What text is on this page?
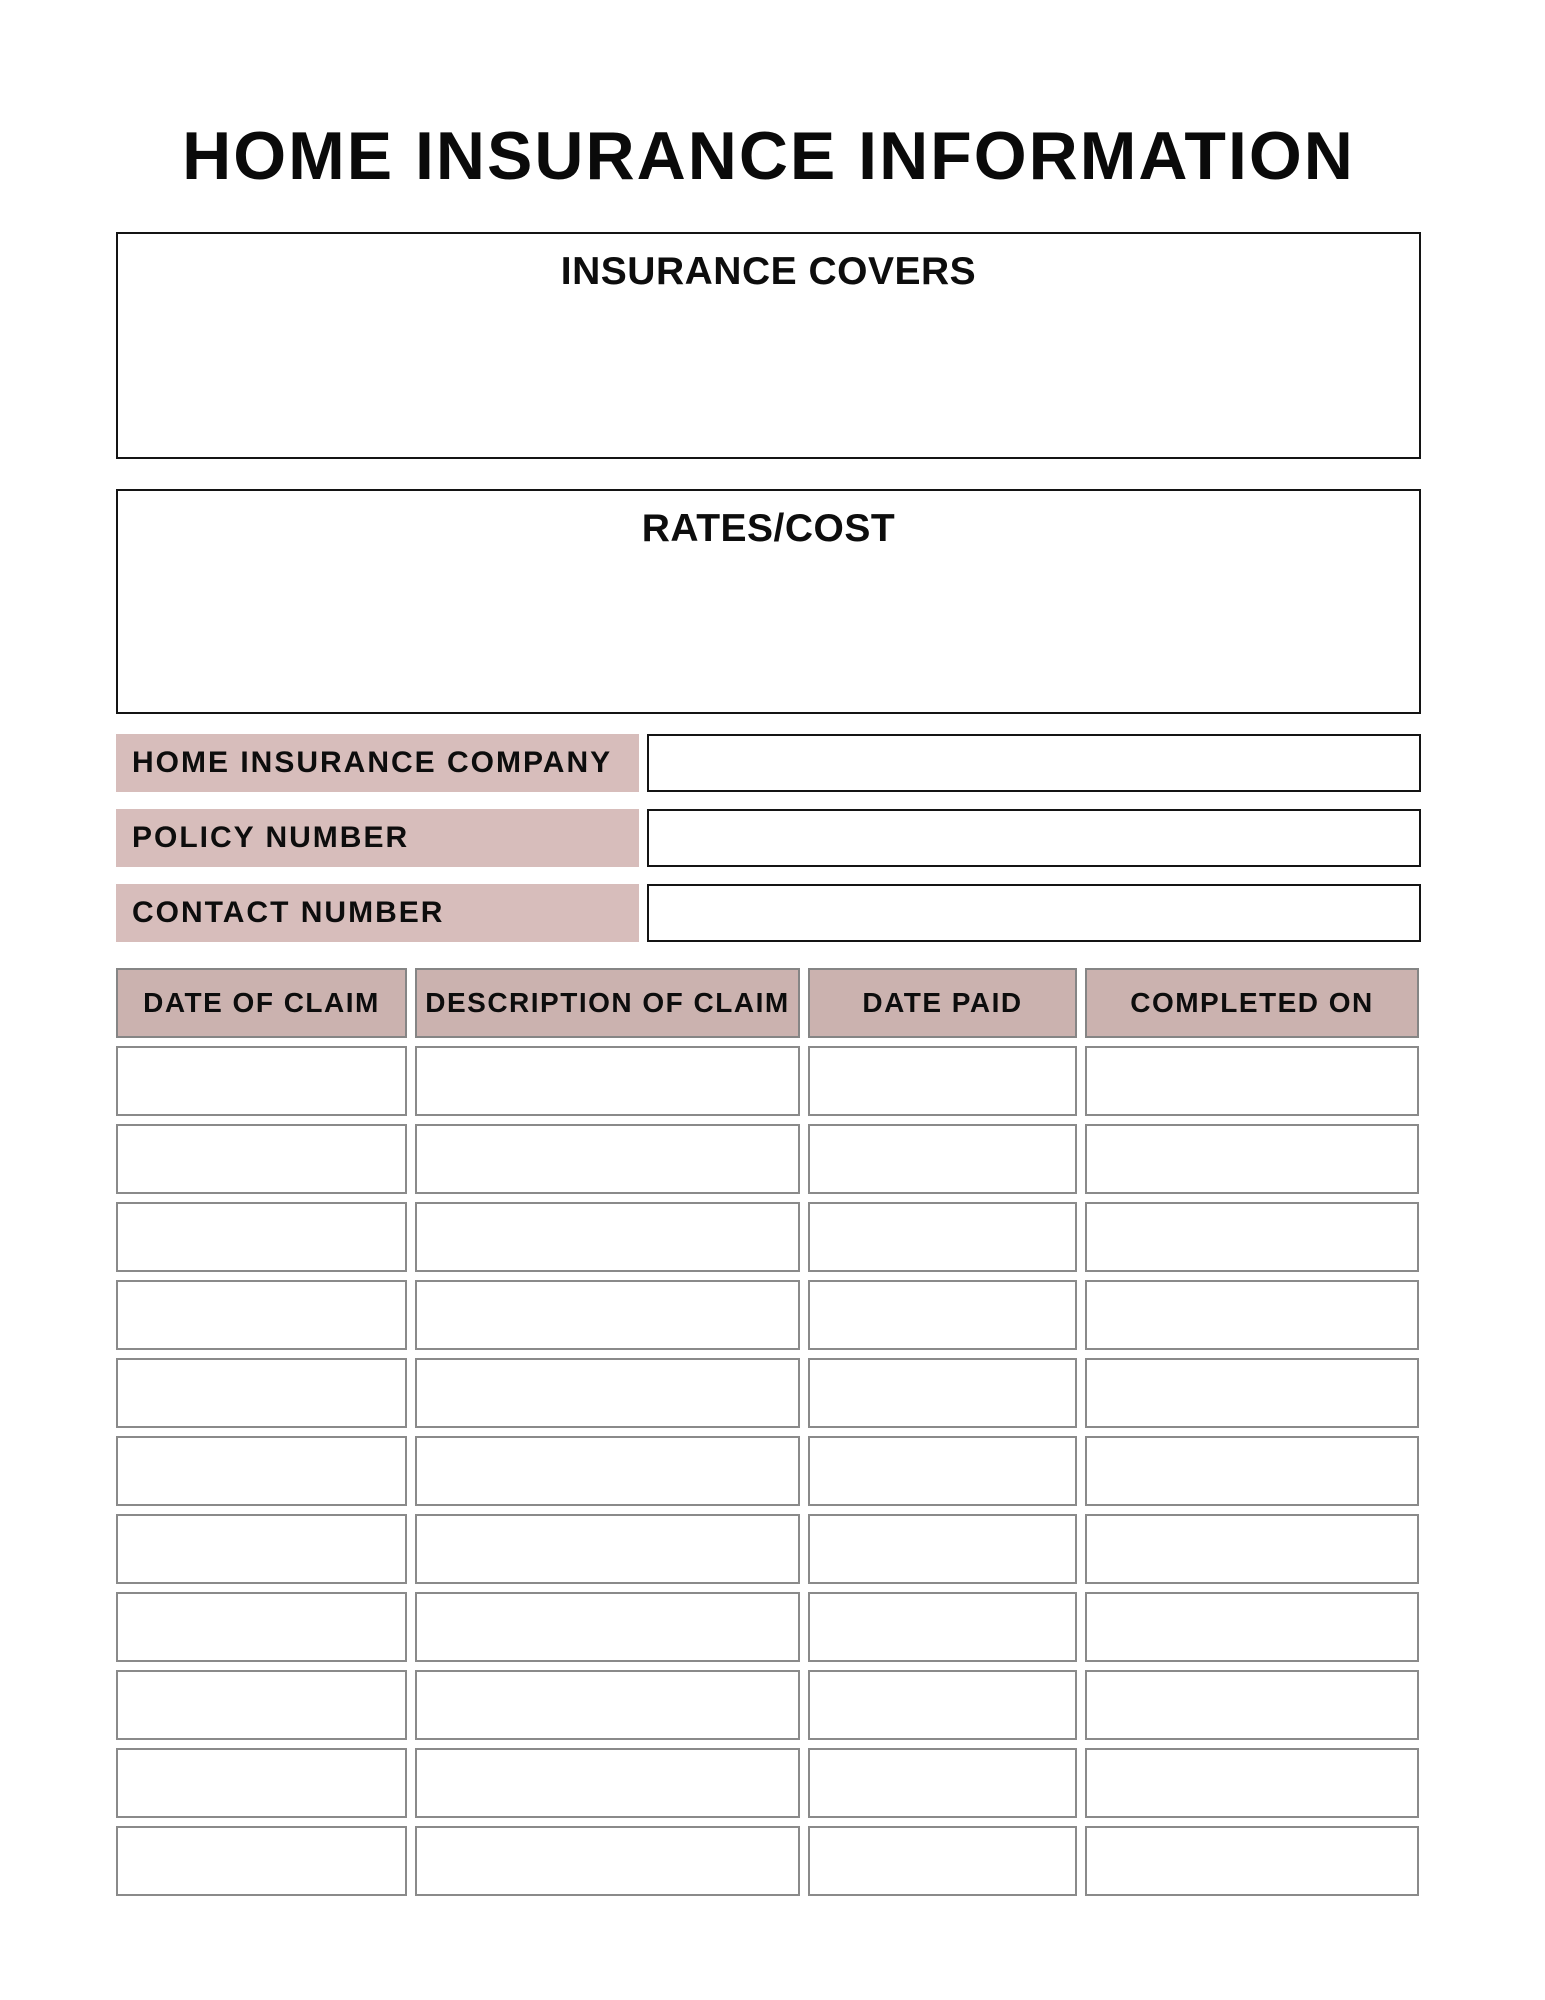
HOME INSURANCE INFORMATION
INSURANCE COVERS
RATES/COST
HOME INSURANCE COMPANY
POLICY NUMBER
CONTACT NUMBER
DATE OF CLAIM	DESCRIPTION OF CLAIM	DATE PAID	COMPLETED ON
